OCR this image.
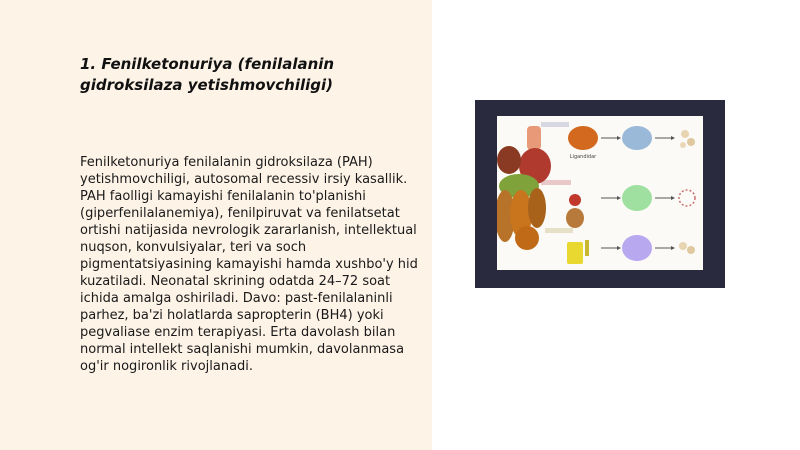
1. Fenilketonuriya (fenilalanin gidroksilaza yetishmovchiligi)

Fenilketonuriya fenilalanin gidroksilaza (PAH) yetishmovchiligi, autosomal recessiv irsiy kasallik. PAH faolligi kamayishi fenilalanin to'planishi (giperfenilalanemiya), fenilpiruvat va fenilatsetat ortishi natijasida nevrologik zararlanish, intellektual nuqson, konvulsiyalar, teri va soch pigmentatsiyasining kamayishi hamda xushbo'y hid kuzatiladi. Neonatal skrining odatda 24–72 soat ichida amalga oshiriladi. Davo: past-fenilalaninli parhez, ba'zi holatlarda sapropterin (BH4) yoki pegvaliase enzim terapiyasi. Erta davolash bilan normal intellekt saqlanishi mumkin, davolanmasa og'ir nogironlik rivojlanadi.

Ligandidar
